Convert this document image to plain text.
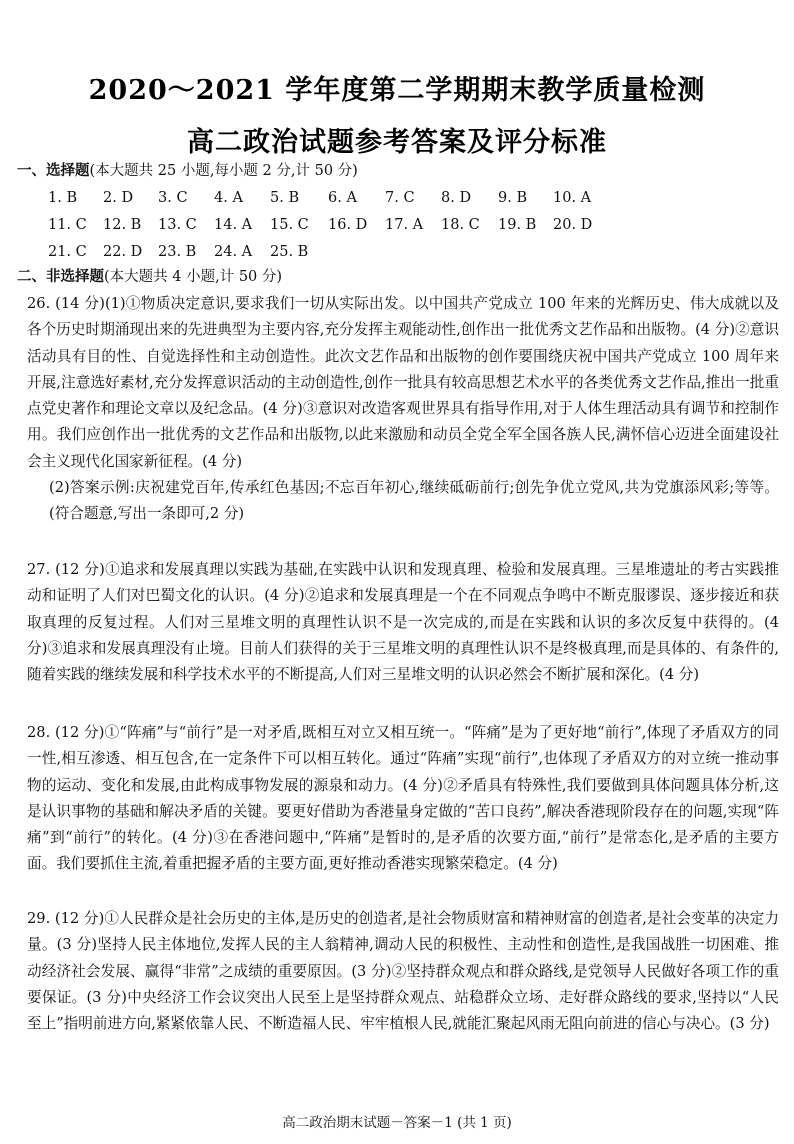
2020～2021 学年度第二学期期末教学质量检测
高二政治试题参考答案及评分标准
一、选择题(本大题共 25 小题,每小题 2 分,计 50 分)
1. B 2. D 3. C 4. A 5. B 6. A 7. C 8. D 9. B 10. A
11. C 12. B 13. C 14. A 15. C 16. D 17. A 18. C 19. B 20. D
21. C 22. D 23. B 24. A 25. B
二、非选择题(本大题共 4 小题,计 50 分)

26. (14 分)(1)①物质决定意识,要求我们一切从实际出发。以中国共产党成立 100 年来的光辉历史、伟大成就以及各个历史时期涌现出来的先进典型为主要内容,充分发挥主观能动性,创作出一批优秀文艺作品和出版物。(4 分)②意识活动具有目的性、自觉选择性和主动创造性。此次文艺作品和出版物的创作要围绕庆祝中国共产党成立 100 周年来开展,注意选好素材,充分发挥意识活动的主动创造性,创作一批具有较高思想艺术水平的各类优秀文艺作品,推出一批重点党史著作和理论文章以及纪念品。(4 分)③意识对改造客观世界具有指导作用,对于人体生理活动具有调节和控制作用。我们应创作出一批优秀的文艺作品和出版物,以此来激励和动员全党全军全国各族人民,满怀信心迈进全面建设社会主义现代化国家新征程。(4 分)

(2)答案示例:庆祝建党百年,传承红色基因;不忘百年初心,继续砥砺前行;创先争优立党风,共为党旗添风彩;等等。(符合题意,写出一条即可,2 分)

27. (12 分)①追求和发展真理以实践为基础,在实践中认识和发现真理、检验和发展真理。三星堆遗址的考古实践推动和证明了人们对巴蜀文化的认识。(4 分)②追求和发展真理是一个在不同观点争鸣中不断克服谬误、逐步接近和获取真理的反复过程。人们对三星堆文明的真理性认识不是一次完成的,而是在实践和认识的多次反复中获得的。(4 分)③追求和发展真理没有止境。目前人们获得的关于三星堆文明的真理性认识不是终极真理,而是具体的、有条件的,随着实践的继续发展和科学技术水平的不断提高,人们对三星堆文明的认识必然会不断扩展和深化。(4 分)

28. (12 分)①“阵痛”与“前行”是一对矛盾,既相互对立又相互统一。“阵痛”是为了更好地“前行”,体现了矛盾双方的同一性,相互渗透、相互包含,在一定条件下可以相互转化。通过“阵痛”实现“前行”,也体现了矛盾双方的对立统一推动事物的运动、变化和发展,由此构成事物发展的源泉和动力。(4 分)②矛盾具有特殊性,我们要做到具体问题具体分析,这是认识事物的基础和解决矛盾的关键。要更好借助为香港量身定做的“苦口良药”,解决香港现阶段存在的问题,实现“阵痛”到“前行”的转化。(4 分)③在香港问题中,“阵痛”是暂时的,是矛盾的次要方面,“前行”是常态化,是矛盾的主要方面。我们要抓住主流,着重把握矛盾的主要方面,更好推动香港实现繁荣稳定。(4 分)

29. (12 分)①人民群众是社会历史的主体,是历史的创造者,是社会物质财富和精神财富的创造者,是社会变革的决定力量。(3 分)坚持人民主体地位,发挥人民的主人翁精神,调动人民的积极性、主动性和创造性,是我国战胜一切困难、推动经济社会发展、赢得“非常”之成绩的重要原因。(3 分)②坚持群众观点和群众路线,是党领导人民做好各项工作的重要保证。(3 分)中央经济工作会议突出人民至上是坚持群众观点、站稳群众立场、走好群众路线的要求,坚持以“人民至上”指明前进方向,紧紧依靠人民、不断造福人民、牢牢植根人民,就能汇聚起风雨无阻向前进的信心与决心。(3 分)

高二政治期末试题－答案－1 (共 1 页)
